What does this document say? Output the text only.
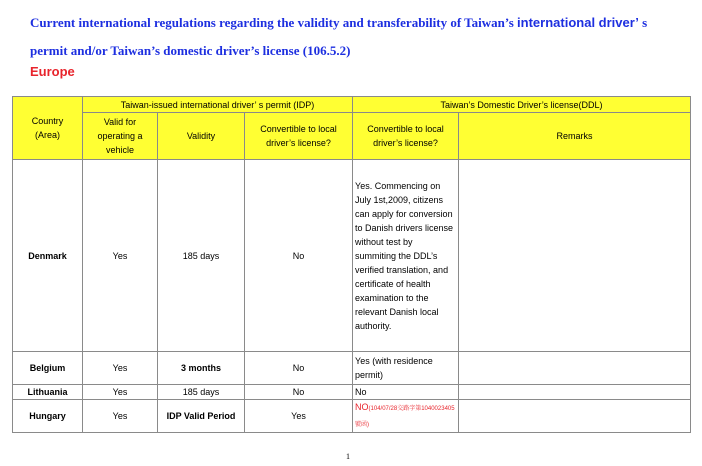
Current international regulations regarding the validity and transferability of Taiwan’s international driver’ s
permit and/or Taiwan’s domestic driver’s license (106.5.2)
Europe
Country
(Area)	Taiwan-issued international driver’ s permit (IDP)			Taiwan’s Domestic Driver’s license(DDL)	
	Valid for operating a vehicle	Validity	Convertible to local driver’s license?	Convertible to local driver’s license?	Remarks
Denmark	Yes	185 days	No	Yes. Commencing on July 1st,2009, citizens can apply for conversion to Danish drivers license without test by summiting the DDL’s verified translation, and certificate of health examination to the relevant Danish local authority.	
Belgium	Yes	3 months	No	Yes (with residence permit)	
Lithuania	Yes	185 days	No	No	
Hungary	Yes	IDP Valid Period	Yes	NO(104/07/28交路字第1040023405號函)	
1
